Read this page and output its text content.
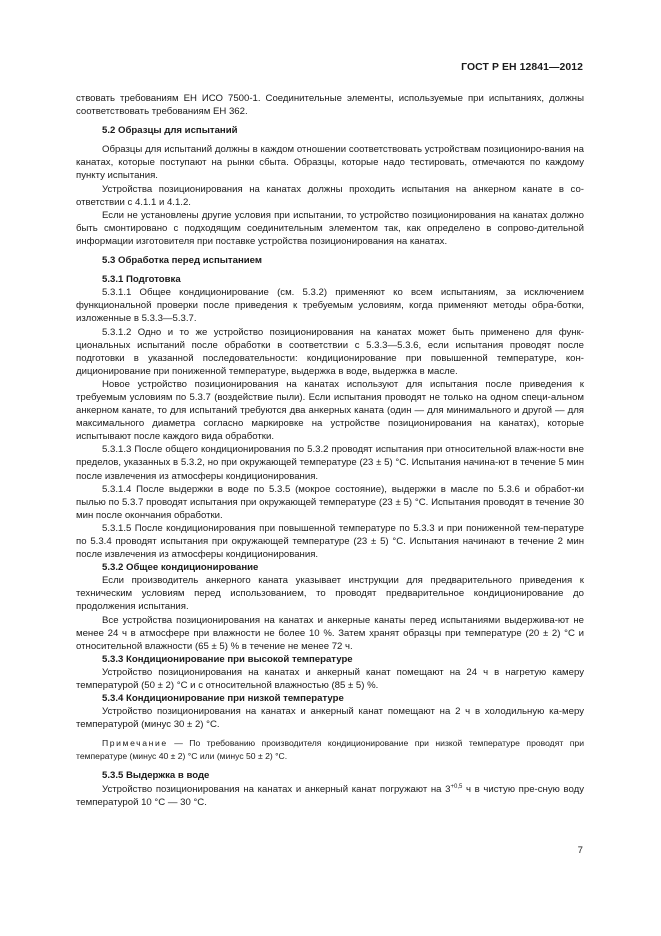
ГОСТ Р ЕН 12841—2012

ствовать требованиям ЕН ИСО 7500-1. Соединительные элементы, используемые при испытаниях, должны соответствовать требованиям ЕН 362.

5.2 Образцы для испытаний

Образцы для испытаний должны в каждом отношении соответствовать устройствам позициониро-вания на канатах, которые поступают на рынки сбыта. Образцы, которые надо тестировать, отмечаются по каждому пункту испытания.

Устройства позиционирования на канатах должны проходить испытания на анкерном канате в со-ответствии с 4.1.1 и 4.1.2.

Если не установлены другие условия при испытании, то устройство позиционирования на канатах должно быть смонтировано с подходящим соединительным элементом так, как определено в сопрово-дительной информации изготовителя при поставке устройства позиционирования на канатах.

5.3 Обработка перед испытанием

5.3.1 Подготовка

5.3.1.1 Общее кондиционирование (см. 5.3.2) применяют ко всем испытаниям, за исключением функциональной проверки после приведения к требуемым условиям, когда применяют методы обра-ботки, изложенные в 5.3.3—5.3.7.

5.3.1.2 Одно и то же устройство позиционирования на канатах может быть применено для функ-циональных испытаний после обработки в соответствии с 5.3.3—5.3.6, если испытания проводят после подготовки в указанной последовательности: кондиционирование при повышенной температуре, кон-диционирование при пониженной температуре, выдержка в воде, выдержка в масле.

Новое устройство позиционирования на канатах используют для испытания после приведения к требуемым условиям по 5.3.7 (воздействие пыли). Если испытания проводят не только на одном специ-альном анкерном канате, то для испытаний требуются два анкерных каната (один — для минимального и другой — для максимального диаметра согласно маркировке на устройстве позиционирования на канатах), которые испытывают после каждого вида обработки.

5.3.1.3 После общего кондиционирования по 5.3.2 проводят испытания при относительной влаж-ности вне пределов, указанных в 5.3.2, но при окружающей температуре (23 ± 5) °С. Испытания начина-ют в течение 5 мин после извлечения из атмосферы кондиционирования.

5.3.1.4 После выдержки в воде по 5.3.5 (мокрое состояние), выдержки в масле по 5.3.6 и обработ-ки пылью по 5.3.7 проводят испытания при окружающей температуре (23 ± 5) °С. Испытания проводят в течение 30 мин после окончания обработки.

5.3.1.5 После кондиционирования при повышенной температуре по 5.3.3 и при пониженной тем-пературе по 5.3.4 проводят испытания при окружающей температуре (23 ± 5) °С. Испытания начинают в течение 2 мин после извлечения из атмосферы кондиционирования.

5.3.2 Общее кондиционирование

Если производитель анкерного каната указывает инструкции для предварительного приведения к техническим условиям перед использованием, то проводят предварительное кондиционирование до продолжения испытания.

Все устройства позиционирования на канатах и анкерные канаты перед испытаниями выдержива-ют не менее 24 ч в атмосфере при влажности не более 10 %. Затем хранят образцы при температуре (20 ± 2) °С и относительной влажности (65 ± 5) % в течение не менее 72 ч.

5.3.3 Кондиционирование при высокой температуре

Устройство позиционирования на канатах и анкерный канат помещают на 24 ч в нагретую камеру температурой (50 ± 2) °С и с относительной влажностью (85 ± 5) %.

5.3.4 Кондиционирование при низкой температуре

Устройство позиционирования на канатах и анкерный канат помещают на 2 ч в холодильную ка-меру температурой (минус 30 ± 2) °С.

Примечание — По требованию производителя кондиционирование при низкой температуре проводят при температуре (минус 40 ± 2) °С или (минус 50 ± 2) °С.

5.3.5 Выдержка в воде

Устройство позиционирования на канатах и анкерный канат погружают на $3^{+0,5}$ ч в чистую пре-сную воду температурой 10 °С — 30 °С.

7
